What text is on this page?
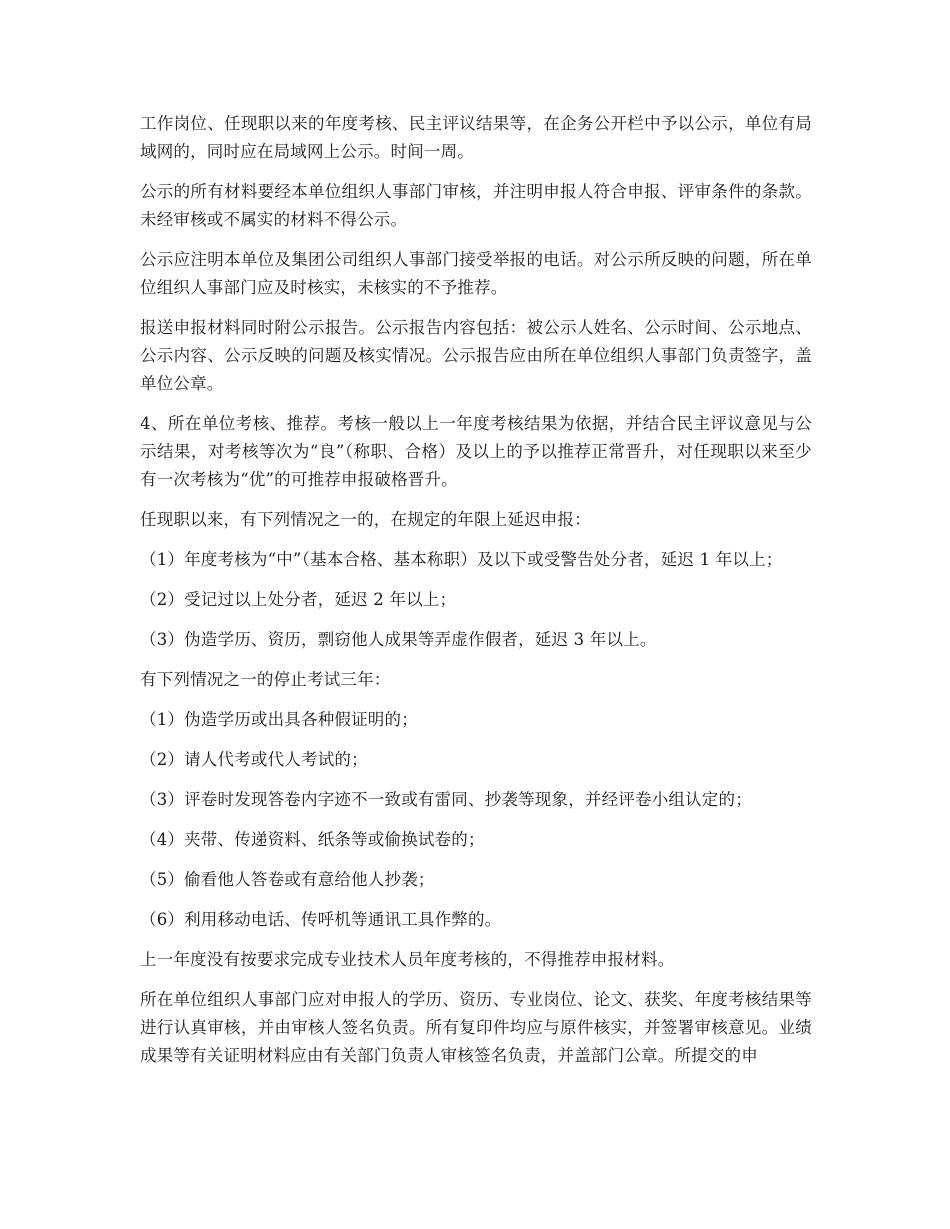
工作岗位、任现职以来的年度考核、民主评议结果等，在企务公开栏中予以公示，单位有局域网的，同时应在局域网上公示。时间一周。

公示的所有材料要经本单位组织人事部门审核，并注明申报人符合申报、评审条件的条款。未经审核或不属实的材料不得公示。

公示应注明本单位及集团公司组织人事部门接受举报的电话。对公示所反映的问题，所在单位组织人事部门应及时核实，未核实的不予推荐。

报送申报材料同时附公示报告。公示报告内容包括：被公示人姓名、公示时间、公示地点、公示内容、公示反映的问题及核实情况。公示报告应由所在单位组织人事部门负责签字，盖单位公章。

4、所在单位考核、推荐。考核一般以上一年度考核结果为依据，并结合民主评议意见与公示结果，对考核等次为“良”（称职、合格）及以上的予以推荐正常晋升，对任现职以来至少有一次考核为“优”的可推荐申报破格晋升。

任现职以来，有下列情况之一的，在规定的年限上延迟申报：

（1）年度考核为“中”（基本合格、基本称职）及以下或受警告处分者，延迟 1 年以上；

（2）受记过以上处分者，延迟 2 年以上；

（3）伪造学历、资历，剽窃他人成果等弄虚作假者，延迟 3 年以上。

有下列情况之一的停止考试三年：

（1）伪造学历或出具各种假证明的；

（2）请人代考或代人考试的；

（3）评卷时发现答卷内字迹不一致或有雷同、抄袭等现象，并经评卷小组认定的；

（4）夹带、传递资料、纸条等或偷换试卷的；

（5）偷看他人答卷或有意给他人抄袭；

（6）利用移动电话、传呼机等通讯工具作弊的。

上一年度没有按要求完成专业技术人员年度考核的，不得推荐申报材料。

所在单位组织人事部门应对申报人的学历、资历、专业岗位、论文、获奖、年度考核结果等进行认真审核，并由审核人签名负责。所有复印件均应与原件核实，并签署审核意见。业绩成果等有关证明材料应由有关部门负责人审核签名负责，并盖部门公章。所提交的申
